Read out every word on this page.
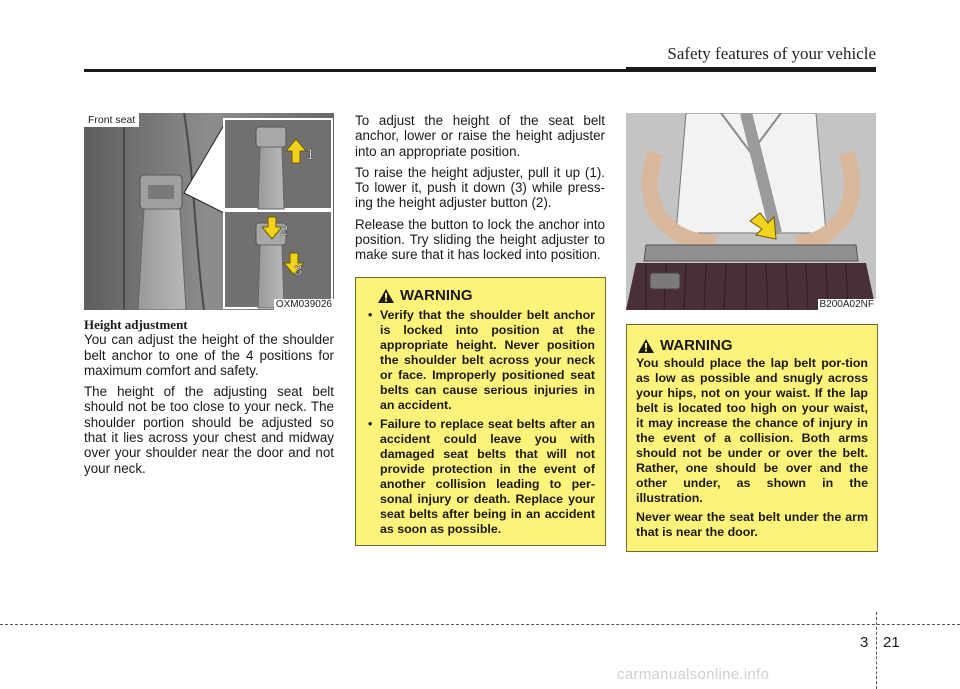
Safety features of your vehicle
1
2
3
Front seat
OXM039026
Height adjustment

You can adjust the height of the shoulder belt anchor to one of the 4 positions for maximum comfort and safety.

The height of the adjusting seat belt should not be too close to your neck. The shoulder portion should be adjusted so that it lies across your chest and midway over your shoulder near the door and not your neck.

To adjust the height of the seat belt anchor, lower or raise the height adjuster into an appropriate position.

To raise the height adjuster, pull it up (1). To lower it, push it down (3) while press-ing the height adjuster button (2).

Release the button to lock the anchor into position. Try sliding the height adjuster to make sure that it has locked into position.

WARNING
• Verify that the shoulder belt anchor is locked into position at the appropriate height. Never position the shoulder belt across your neck or face. Improperly positioned seat belts can cause serious injuries in an accident.
• Failure to replace seat belts after an accident could leave you with damaged seat belts that will not provide protection in the event of another collision leading to per-sonal injury or death. Replace your seat belts after being in an accident as soon as possible.
B200A02NF
WARNING

You should place the lap belt por-tion as low as possible and snugly across your hips, not on your waist. If the lap belt is located too high on your waist, it may increase the chance of injury in the event of a collision. Both arms should not be under or over the belt. Rather, one should be over and the other under, as shown in the illustration.

Never wear the seat belt under the arm that is near the door.

3 21
carmanualsonline.info
